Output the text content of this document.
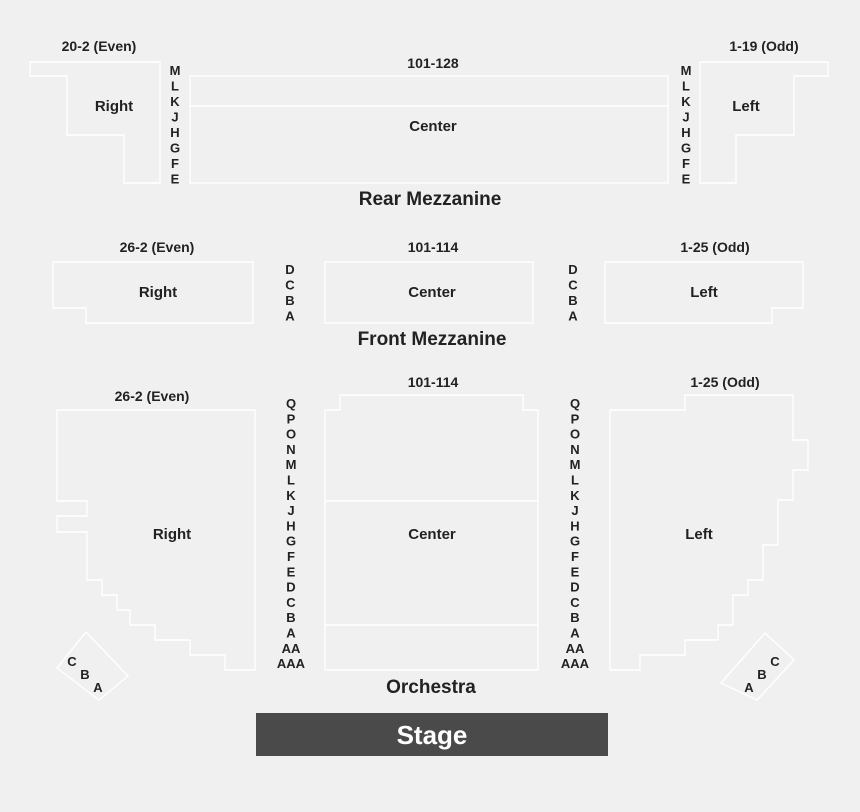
20-2 (Even)
101-128
1-19 (Odd)
Right
Center
Left
M
L
K
J
H
G
F
E
M
L
K
J
H
G
F
E
Rear Mezzanine
26-2 (Even)	101-114	1-25 (Odd)
Right	Center	Left
D
C
B
A
D
C
B
A
Front Mezzanine
26-2 (Even)
101-114	1-25 (Odd)
Right	Center	Left
Q
P
O
N
M
L
K
J
H
G
F
E
D
C
B
A
AA
AAA
Q
P
O
N
M
L
K
J
H
G
F
E
D
C
B
A
AA
AAA
C
B
A	A
B
C
Orchestra
Stage
